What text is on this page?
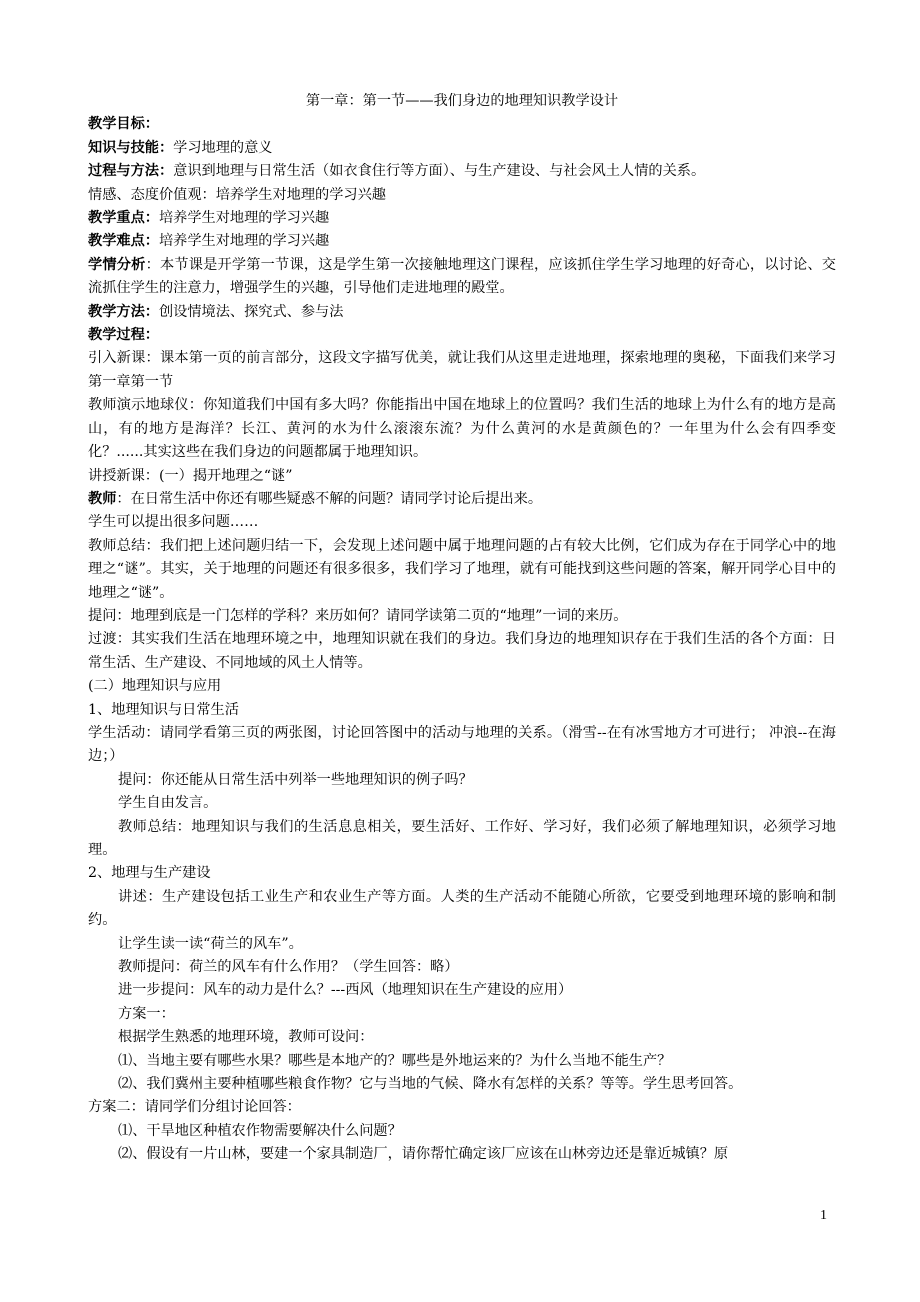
第一章：第一节——我们身边的地理知识教学设计
教学目标：
知识与技能：学习地理的意义
过程与方法：意识到地理与日常生活（如衣食住行等方面）、与生产建设、与社会风土人情的关系。
情感、态度价值观：培养学生对地理的学习兴趣
教学重点：培养学生对地理的学习兴趣
教学难点：培养学生对地理的学习兴趣
学情分析：本节课是开学第一节课，这是学生第一次接触地理这门课程，应该抓住学生学习地理的好奇心，以讨论、交流抓住学生的注意力，增强学生的兴趣，引导他们走进地理的殿堂。
教学方法：创设情境法、探究式、参与法
教学过程：
引入新课：课本第一页的前言部分，这段文字描写优美，就让我们从这里走进地理，探索地理的奥秘，下面我们来学习第一章第一节
教师演示地球仪：你知道我们中国有多大吗？你能指出中国在地球上的位置吗？我们生活的地球上为什么有的地方是高山，有的地方是海洋？长江、黄河的水为什么滚滚东流？为什么黄河的水是黄颜色的？一年里为什么会有四季变化？......其实这些在我们身边的问题都属于地理知识。
讲授新课：(一）揭开地理之“谜”
教师：在日常生活中你还有哪些疑惑不解的问题？请同学讨论后提出来。
学生可以提出很多问题……
教师总结：我们把上述问题归结一下，会发现上述问题中属于地理问题的占有较大比例，它们成为存在于同学心中的地理之“谜”。其实，关于地理的问题还有很多很多，我们学习了地理，就有可能找到这些问题的答案，解开同学心目中的地理之“谜”。
提问：地理到底是一门怎样的学科？来历如何？请同学读第二页的“地理”一词的来历。
过渡：其实我们生活在地理环境之中，地理知识就在我们的身边。我们身边的地理知识存在于我们生活的各个方面：日常生活、生产建设、不同地域的风土人情等。
(二）地理知识与应用
1、地理知识与日常生活
学生活动：请同学看第三页的两张图，讨论回答图中的活动与地理的关系。（滑雪--在有冰雪地方才可进行； 冲浪--在海边；）
提问：你还能从日常生活中列举一些地理知识的例子吗？
学生自由发言。
教师总结：地理知识与我们的生活息息相关，要生活好、工作好、学习好，我们必须了解地理知识，必须学习地理。
2、地理与生产建设
讲述：生产建设包括工业生产和农业生产等方面。人类的生产活动不能随心所欲，它要受到地理环境的影响和制约。
让学生读一读“荷兰的风车”。
教师提问：荷兰的风车有什么作用？（学生回答：略）
进一步提问：风车的动力是什么？---西风（地理知识在生产建设的应用）
方案一：
根据学生熟悉的地理环境，教师可设问：
⑴、当地主要有哪些水果？哪些是本地产的？哪些是外地运来的？为什么当地不能生产？
⑵、我们冀州主要种植哪些粮食作物？它与当地的气候、降水有怎样的关系？等等。学生思考回答。
方案二：请同学们分组讨论回答：
⑴、干旱地区种植农作物需要解决什么问题？
⑵、假设有一片山林，要建一个家具制造厂，请你帮忙确定该厂应该在山林旁边还是靠近城镇？原
1
